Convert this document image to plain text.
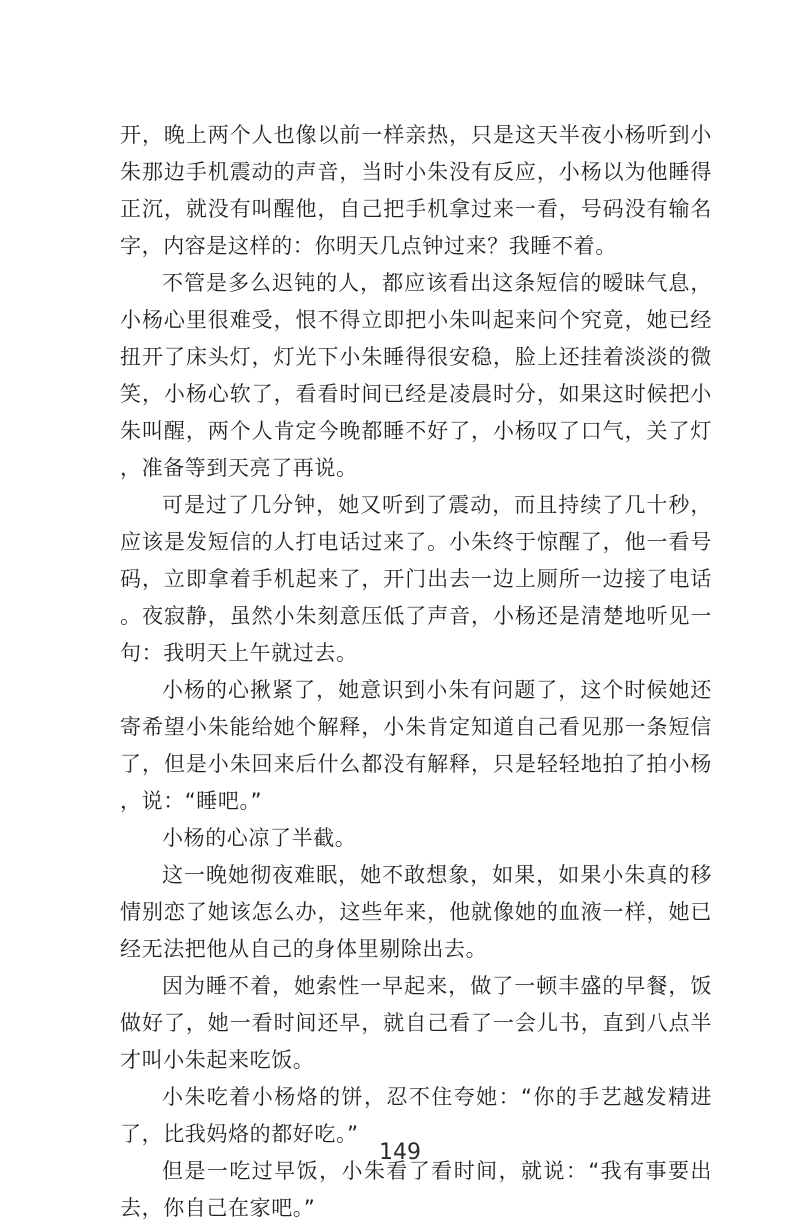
开，晚上两个人也像以前一样亲热，只是这天半夜小杨听到小朱那边手机震动的声音，当时小朱没有反应，小杨以为他睡得正沉，就没有叫醒他，自己把手机拿过来一看，号码没有输名字，内容是这样的：你明天几点钟过来？我睡不着。

不管是多么迟钝的人，都应该看出这条短信的暧昧气息，小杨心里很难受，恨不得立即把小朱叫起来问个究竟，她已经扭开了床头灯，灯光下小朱睡得很安稳，脸上还挂着淡淡的微笑，小杨心软了，看看时间已经是凌晨时分，如果这时候把小朱叫醒，两个人肯定今晚都睡不好了，小杨叹了口气，关了灯，准备等到天亮了再说。

可是过了几分钟，她又听到了震动，而且持续了几十秒，应该是发短信的人打电话过来了。小朱终于惊醒了，他一看号码，立即拿着手机起来了，开门出去一边上厕所一边接了电话。夜寂静，虽然小朱刻意压低了声音，小杨还是清楚地听见一句：我明天上午就过去。

小杨的心揪紧了，她意识到小朱有问题了，这个时候她还寄希望小朱能给她个解释，小朱肯定知道自己看见那一条短信了，但是小朱回来后什么都没有解释，只是轻轻地拍了拍小杨，说：“睡吧。”

小杨的心凉了半截。

这一晚她彻夜难眠，她不敢想象，如果，如果小朱真的移情别恋了她该怎么办，这些年来，他就像她的血液一样，她已经无法把他从自己的身体里剔除出去。

因为睡不着，她索性一早起来，做了一顿丰盛的早餐，饭做好了，她一看时间还早，就自己看了一会儿书，直到八点半才叫小朱起来吃饭。

小朱吃着小杨烙的饼，忍不住夸她：“你的手艺越发精进了，比我妈烙的都好吃。”

但是一吃过早饭，小朱看了看时间，就说：“我有事要出去，你自己在家吧。”

149
